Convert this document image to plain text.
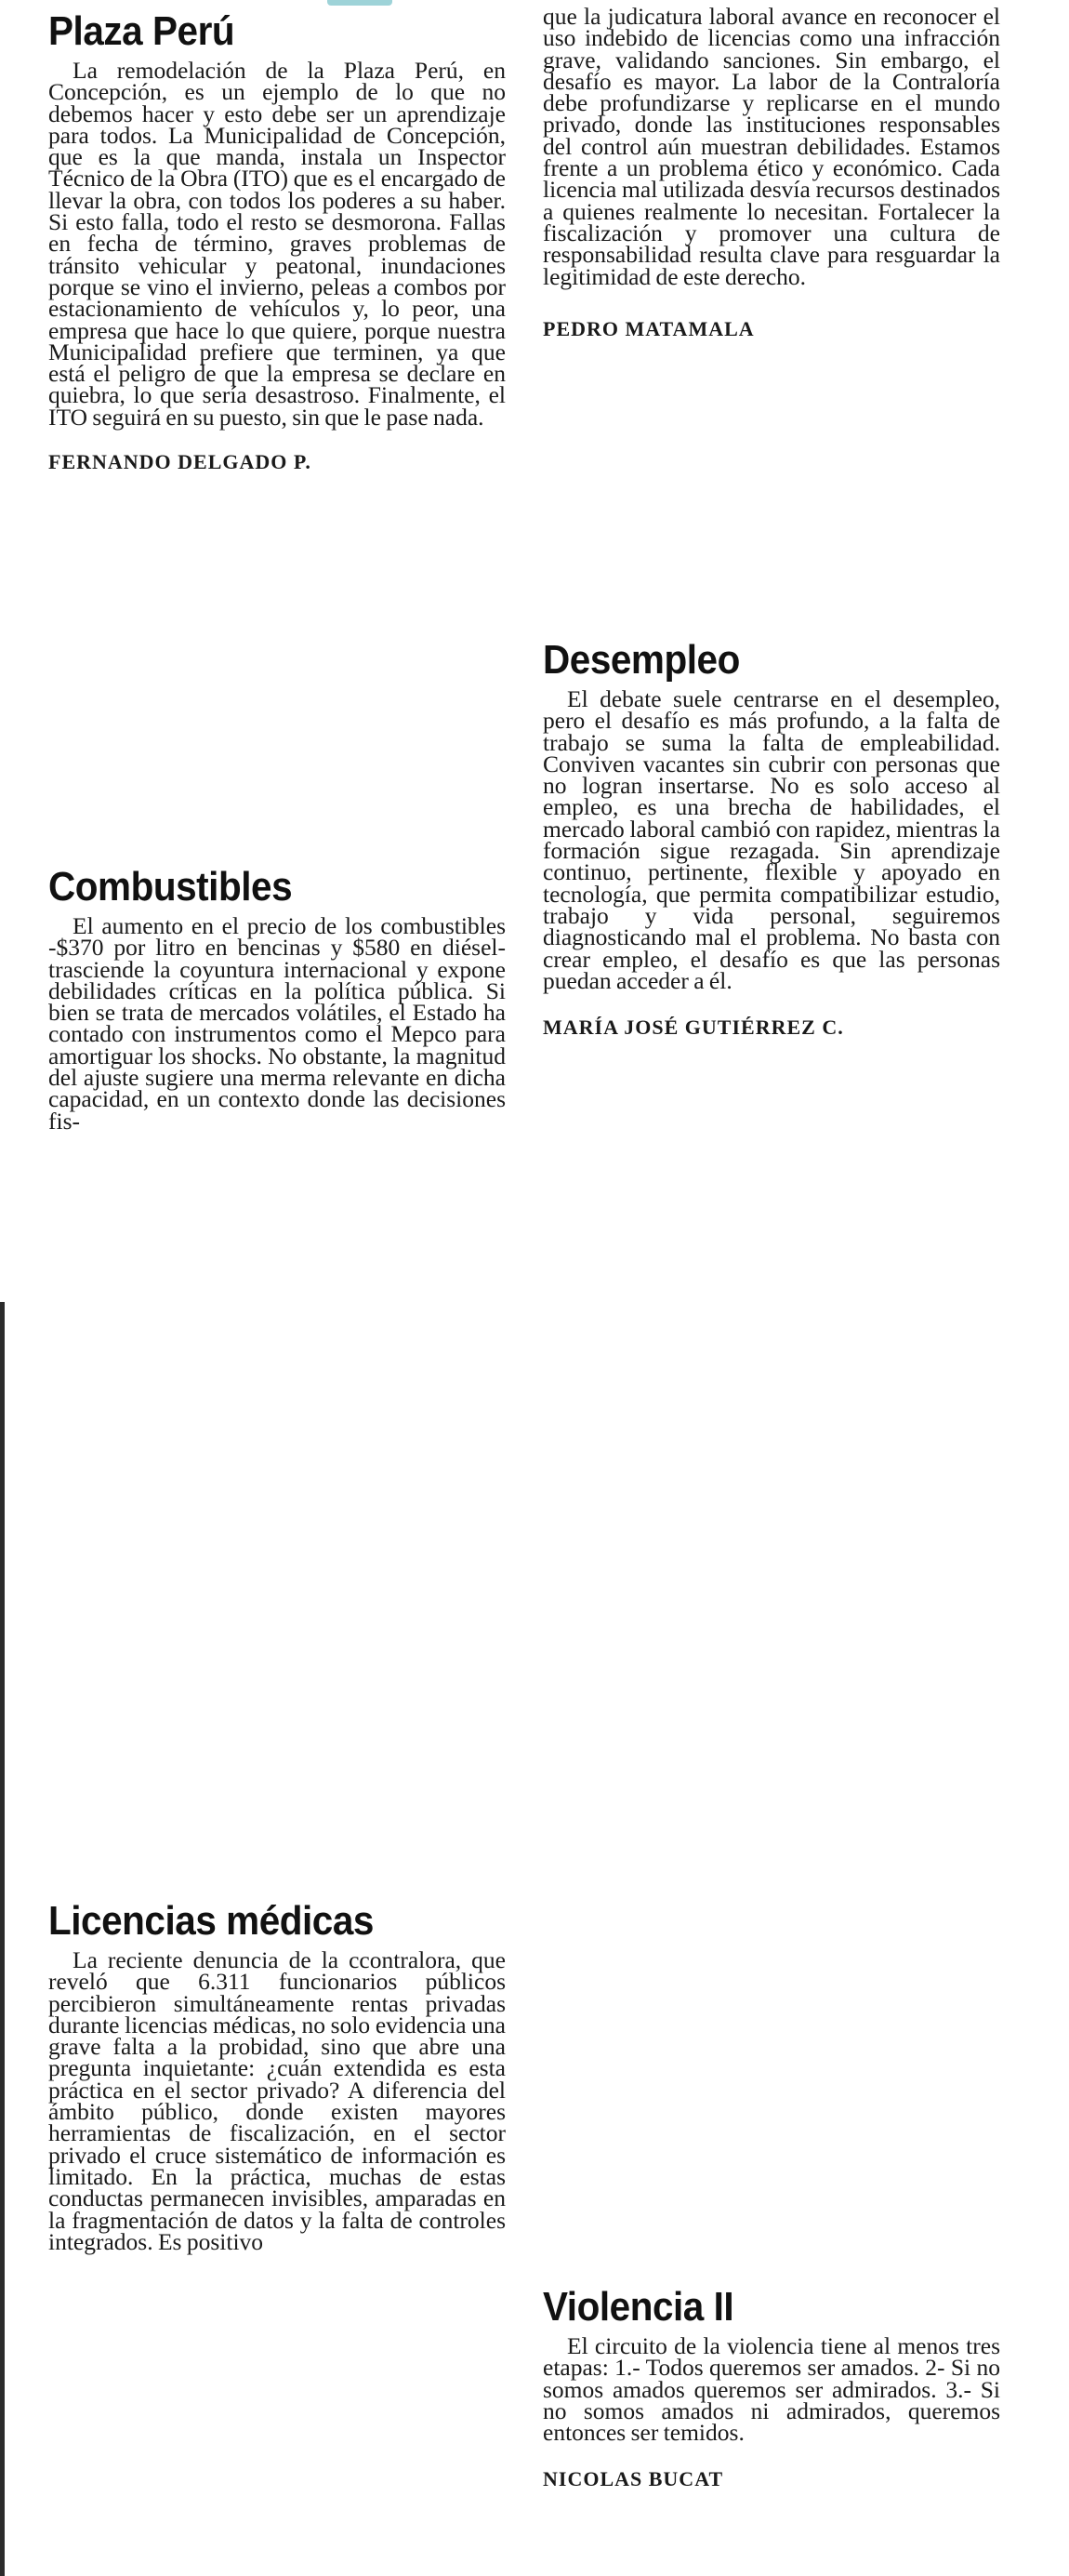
Plaza Perú

La remodelación de la Plaza Perú, en Concepción, es un ejemplo de lo que no debemos hacer y esto debe ser un aprendizaje para todos. La Municipalidad de Concepción, que es la que manda, instala un Inspector Técnico de la Obra (ITO) que es el encargado de llevar la obra, con todos los poderes a su haber. Si esto falla, todo el resto se desmorona. Fallas en fecha de término, graves problemas de tránsito vehicular y peatonal, inundaciones porque se vino el invierno, peleas a combos por estacionamiento de vehículos y, lo peor, una empresa que hace lo que quiere, porque nuestra Municipalidad prefiere que terminen, ya que está el peligro de que la empresa se declare en quiebra, lo que sería desastroso. Finalmente, el ITO seguirá en su puesto, sin que le pase nada.

FERNANDO DELGADO P.

Combustibles

El aumento en el precio de los combustibles -$370 por litro en bencinas y $580 en diésel- trasciende la coyuntura internacional y expone debilidades críticas en la política pública. Si bien se trata de mercados volátiles, el Estado ha contado con instrumentos como el Mepco para amortiguar los shocks. No obstante, la magnitud del ajuste sugiere una merma relevante en dicha capacidad, en un contexto donde las decisiones fis-

que la judicatura laboral avance en reconocer el uso indebido de licencias como una infracción grave, validando sanciones. Sin embargo, el desafío es mayor. La labor de la Contraloría debe profundizarse y replicarse en el mundo privado, donde las instituciones responsables del control aún muestran debilidades. Estamos frente a un problema ético y económico. Cada licencia mal utilizada desvía recursos destinados a quienes realmente lo necesitan. Fortalecer la fiscalización y promover una cultura de responsabilidad resulta clave para resguardar la legitimidad de este derecho.

PEDRO MATAMALA

Desempleo

El debate suele centrarse en el desempleo, pero el desafío es más profundo, a la falta de trabajo se suma la falta de empleabilidad. Conviven vacantes sin cubrir con personas que no logran insertarse. No es solo acceso al empleo, es una brecha de habilidades, el mercado laboral cambió con rapidez, mientras la formación sigue rezagada. Sin aprendizaje continuo, pertinente, flexible y apoyado en tecnología, que permita compatibilizar estudio, trabajo y vida personal, seguiremos diagnosticando mal el problema. No basta con crear empleo, el desafío es que las personas puedan acceder a él.

MARÍA JOSÉ GUTIÉRREZ C.

Licencias médicas

La reciente denuncia de la ccontralora, que reveló que 6.311 funcionarios públicos percibieron simultáneamente rentas privadas durante licencias médicas, no solo evidencia una grave falta a la probidad, sino que abre una pregunta inquietante: ¿cuán extendida es esta práctica en el sector privado? A diferencia del ámbito público, donde existen mayores herramientas de fiscalización, en el sector privado el cruce sistemático de información es limitado. En la práctica, muchas de estas conductas permanecen invisibles, amparadas en la fragmentación de datos y la falta de controles integrados. Es positivo

Violencia II

El circuito de la violencia tiene al menos tres etapas: 1.- Todos queremos ser amados. 2- Si no somos amados queremos ser admirados. 3.- Si no somos amados ni admirados, queremos entonces ser temidos.

NICOLAS BUCAT
